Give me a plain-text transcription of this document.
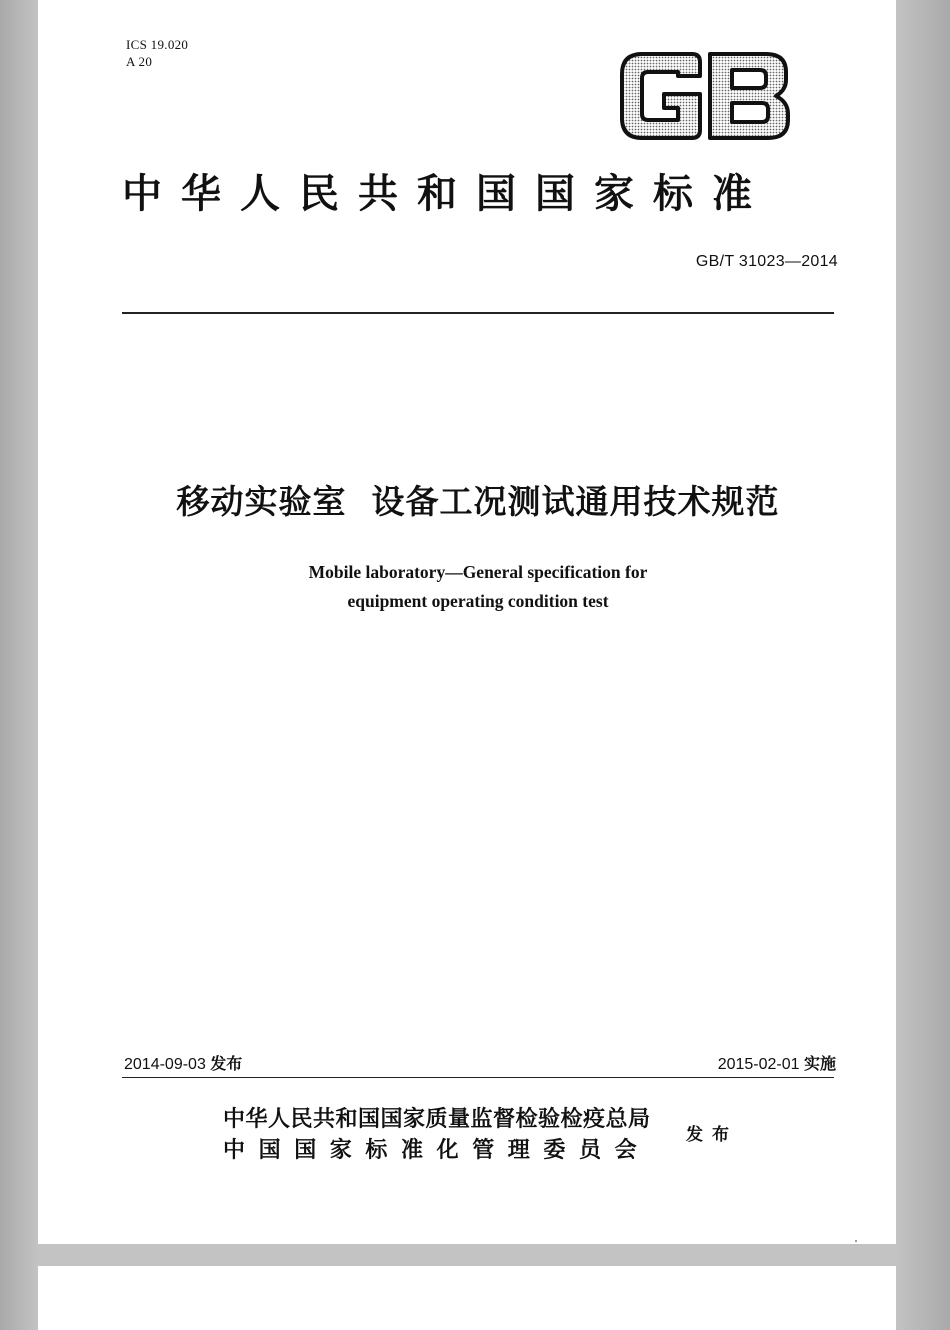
ICS 19.020
A 20
中华人民共和国国家标准
GB/T 31023—2014
移动实验室  设备工况测试通用技术规范
Mobile laboratory—General specification for
equipment operating condition test
2014-09-03 发布	2015-02-01 实施
中华人民共和国国家质量监督检验检疫总局
中国国家标准化管理委员会
发布
